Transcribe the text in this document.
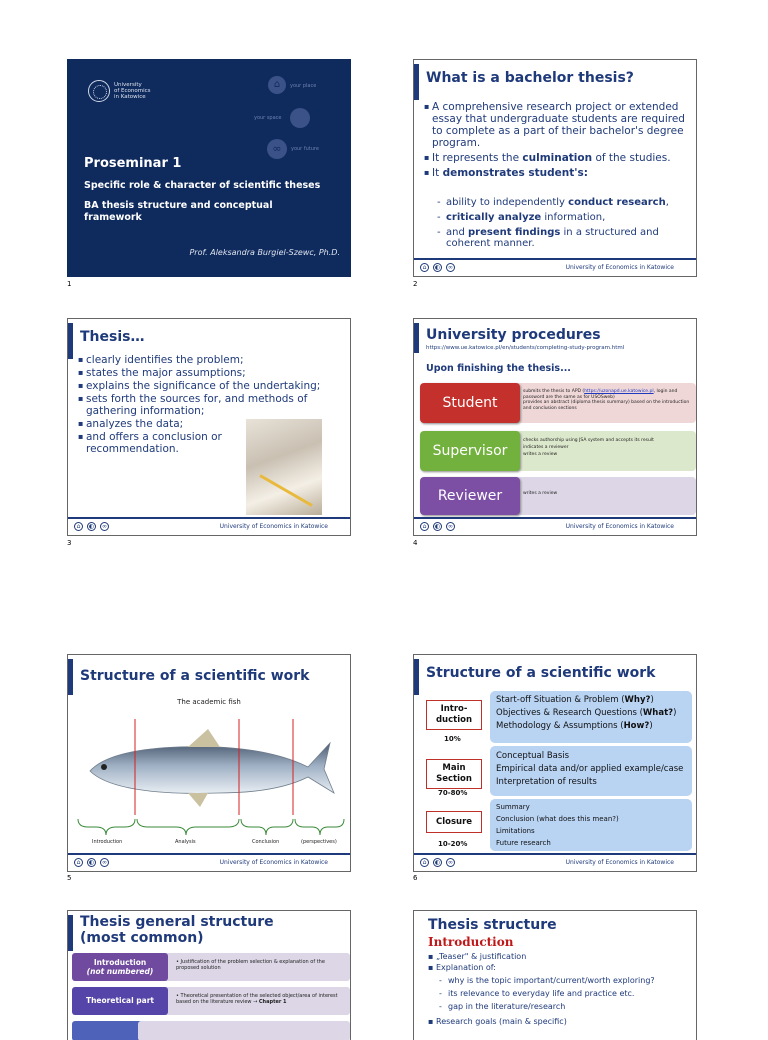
University
of Economics
in Katowice
⌂	your place
your space
∞	your future
Proseminar 1
Specific role & character of scientific theses
BA thesis structure and conceptual framework
Prof. Aleksandra Burgiel-Szewc, Ph.D.
1
What is a bachelor thesis?
▪ A comprehensive research project or extended essay that undergraduate students are required to complete as a part of their bachelor's degree program.
▪ It represents the culmination of the studies.
▪ It demonstrates student's:
- ability to independently conduct research,
- critically analyze information,
- and present findings in a structured and coherent manner.
⌂	◐	∞	University of Economics in Katowice
2
Thesis…
▪ clearly identifies the problem;
▪ states the major assumptions;
▪ explains the significance of the undertaking;
▪ sets forth the sources for, and methods of gathering information;
▪ analyzes the data;
▪ and offers a conclusion or recommendation.
⌂	◐	∞	University of Economics in Katowice
3
University procedures
https://www.ue.katowice.pl/en/students/completing-study-program.html
Upon finishing the thesis...
• submits the thesis to APD (https://uzonapd.ue.katowice.pl, login and password are the same as for USOSweb)
• provides an abstract (diploma thesis summary) based on the introduction and conclusion sections
Student
• checks authorship using JSA system and accepts its result
• indicates a reviewer
• writes a review
Supervisor
• writes a review
Reviewer
⌂	◐	∞	University of Economics in Katowice
4
Structure of a scientific work
The academic fish
Introduction	Analysis	Conclusion	(perspectives)
⌂	◐	∞	University of Economics in Katowice
5
Structure of a scientific work
Start-off Situation & Problem (Why?)
Objectives & Research Questions (What?)
Methodology & Assumptions (How?)
Conceptual Basis
Empirical data and/or applied example/case
Interpretation of results
Summary
Conclusion (what does this mean?)
Limitations
Future research
Intro-
duction
10%
Main
Section
70-80%
Closure
10-20%
⌂	◐	∞	University of Economics in Katowice
6
Thesis general structure (most common)
• Justification of the problem selection & explanation of the proposed solution
Introduction
(not numbered)
• Theoretical presentation of the selected object/area of interest based on the literature review → Chapter 1
Theoretical part
Thesis structure
Introduction
▪ „Teaser" & justification
▪ Explanation of:
- why is the topic important/current/worth exploring?
- its relevance to everyday life and practice etc.
- gap in the literature/research
▪ Research goals (main & specific)
